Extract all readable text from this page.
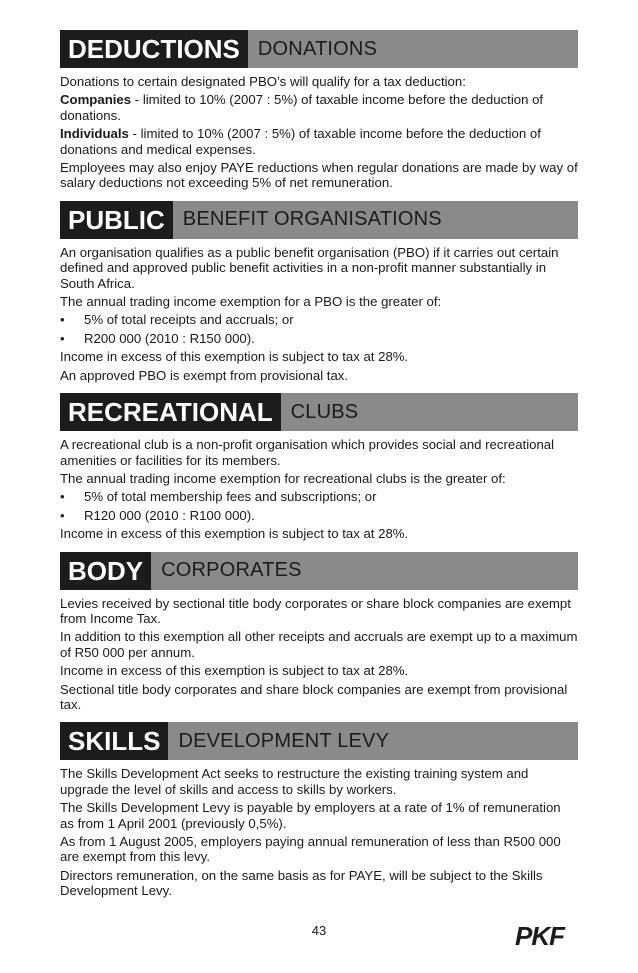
DEDUCTIONS DONATIONS

Donations to certain designated PBO’s will qualify for a tax deduction:

Companies - limited to 10% (2007 : 5%) of taxable income before the deduction of donations.

Individuals - limited to 10% (2007 : 5%) of taxable income before the deduction of donations and medical expenses.

Employees may also enjoy PAYE reductions when regular donations are made by way of salary deductions not exceeding 5% of net remuneration.

PUBLIC BENEFIT ORGANISATIONS

An organisation qualifies as a public benefit organisation (PBO) if it carries out certain defined and approved public benefit activities in a non-profit manner substantially in South Africa.

The annual trading income exemption for a PBO is the greater of:

•	5% of total receipts and accruals; or

•	R200 000 (2010 : R150 000).

Income in excess of this exemption is subject to tax at 28%.

An approved PBO is exempt from provisional tax.

RECREATIONAL CLUBS

A recreational club is a non-profit organisation which provides social and recreational amenities or facilities for its members.

The annual trading income exemption for recreational clubs is the greater of:

•	5% of total membership fees and subscriptions; or

•	R120 000 (2010 : R100 000).

Income in excess of this exemption is subject to tax at 28%.

BODY CORPORATES

Levies received by sectional title body corporates or share block companies are exempt from Income Tax.

In addition to this exemption all other receipts and accruals are exempt up to a maximum of R50 000 per annum.

Income in excess of this exemption is subject to tax at 28%.

Sectional title body corporates and share block companies are exempt from provisional tax.

SKILLS DEVELOPMENT LEVY

The Skills Development Act seeks to restructure the existing training system and upgrade the level of skills and access to skills by workers.

The Skills Development Levy is payable by employers at a rate of 1% of remuneration as from 1 April 2001 (previously 0,5%).

As from 1 August 2005, employers paying annual remuneration of less than R500 000 are exempt from this levy.

Directors remuneration, on the same basis as for PAYE, will be subject to the Skills Development Levy.

43	PKF
